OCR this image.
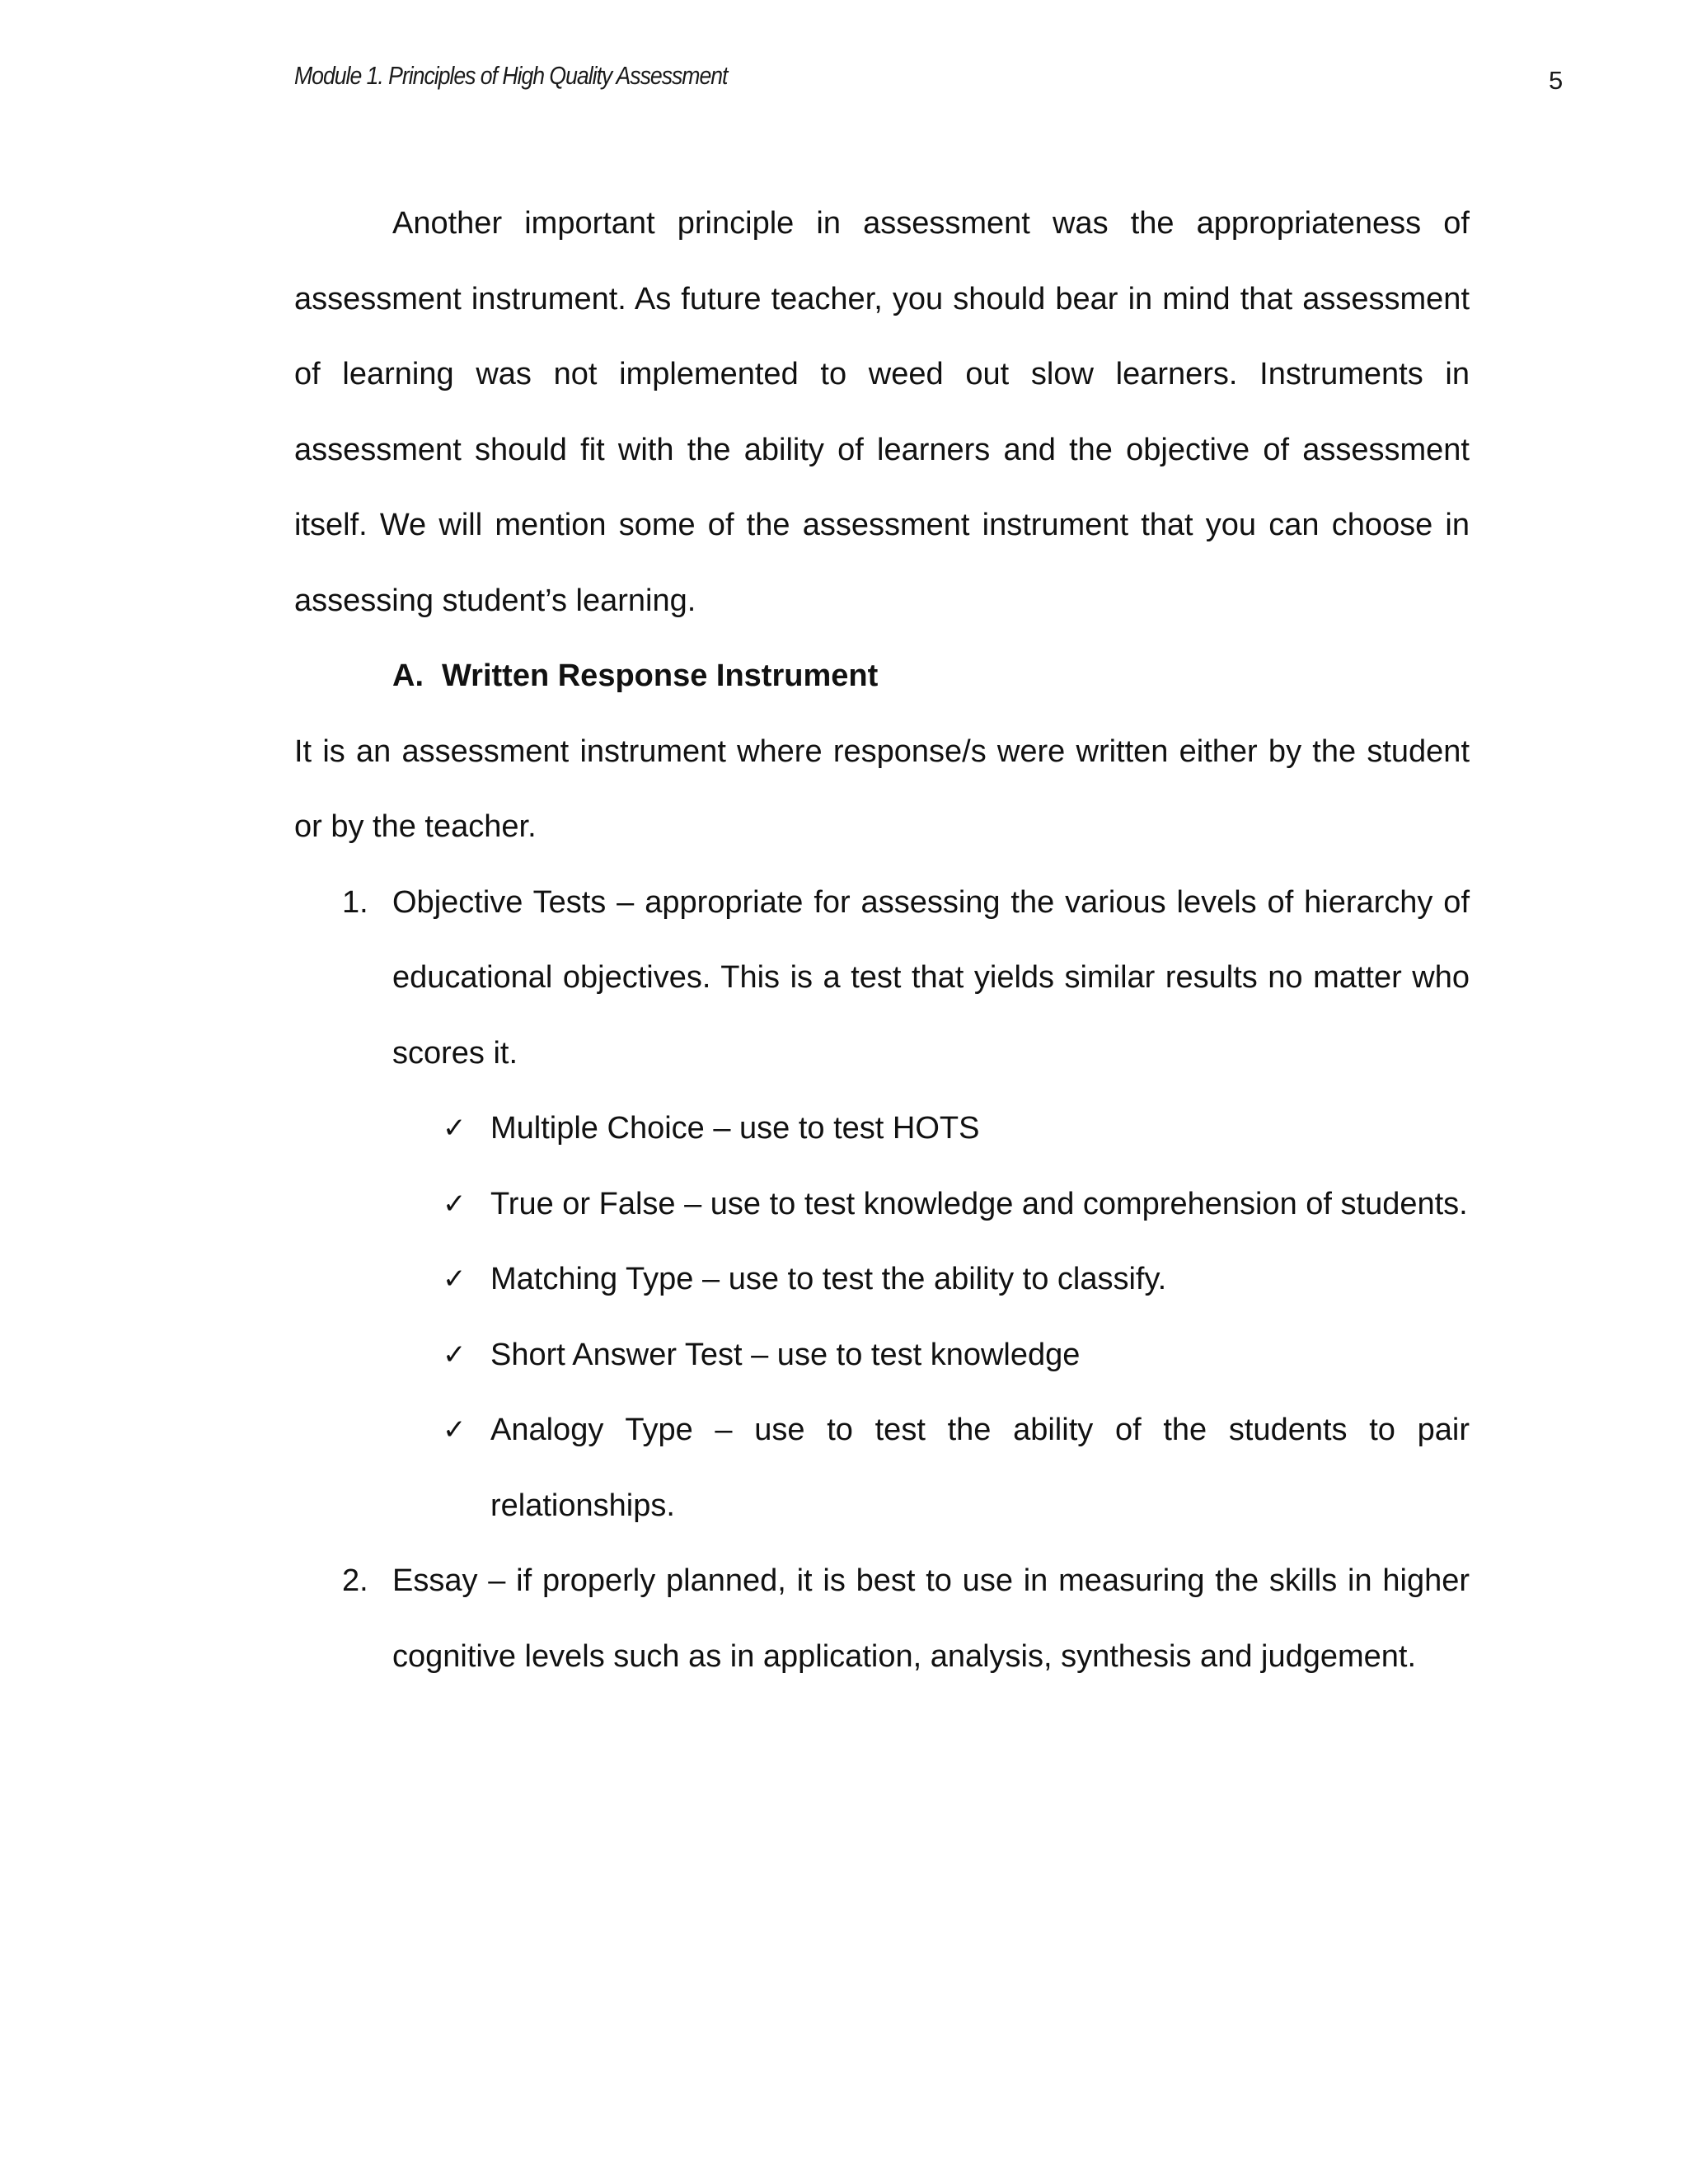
Module 1. Principles of High Quality Assessment	5

Another important principle in assessment was the appropriateness of assessment instrument. As future teacher, you should bear in mind that assessment of learning was not implemented to weed out slow learners. Instruments in assessment should fit with the ability of learners and the objective of assessment itself. We will mention some of the assessment instrument that you can choose in assessing student’s learning.

A. Written Response Instrument

It is an assessment instrument where response/s were written either by the student or by the teacher.

1. Objective Tests – appropriate for assessing the various levels of hierarchy of educational objectives. This is a test that yields similar results no matter who scores it.
✓ Multiple Choice – use to test HOTS
✓ True or False – use to test knowledge and comprehension of students.
✓ Matching Type – use to test the ability to classify.
✓ Short Answer Test – use to test knowledge
✓ Analogy Type – use to test the ability of the students to pair relationships.
2. Essay – if properly planned, it is best to use in measuring the skills in higher cognitive levels such as in application, analysis, synthesis and judgement.
